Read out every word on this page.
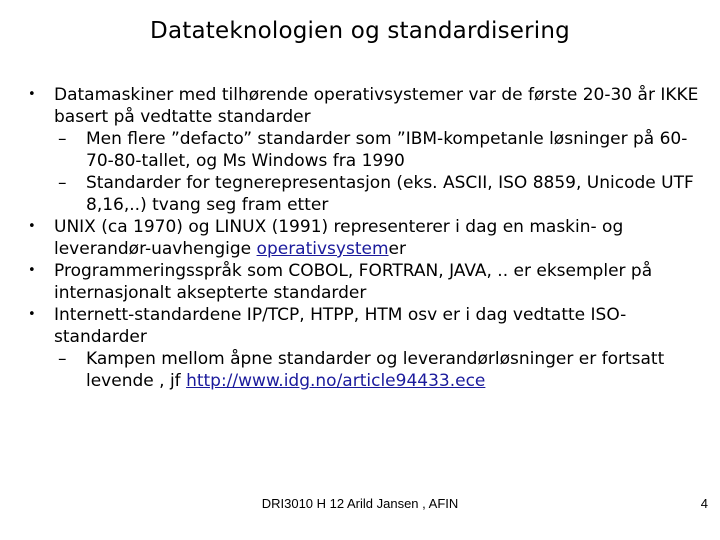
Datateknologien og standardisering
• Datamaskiner med tilhørende operativsystemer var de første 20-30 år IKKE basert på vedtatte standarder
– Men flere ”defacto” standarder som ”IBM-kompetanle løsninger på 60-70-80-tallet, og Ms Windows fra 1990
– Standarder for tegnerepresentasjon (eks. ASCII, ISO 8859, Unicode UTF 8,16,..) tvang seg fram etter
• UNIX (ca 1970) og LINUX (1991) representerer i dag en maskin- og leverandør-uavhengige operativsystemer
• Programmeringsspråk som COBOL, FORTRAN, JAVA, .. er eksempler på internasjonalt aksepterte standarder
• Internett-standardene IP/TCP, HTPP, HTM osv er i dag vedtatte ISO-standarder
– Kampen mellom åpne standarder og leverandørløsninger er fortsatt levende , jf http://www.idg.no/article94433.ece
DRI3010 H 12 Arild Jansen , AFIN	4
